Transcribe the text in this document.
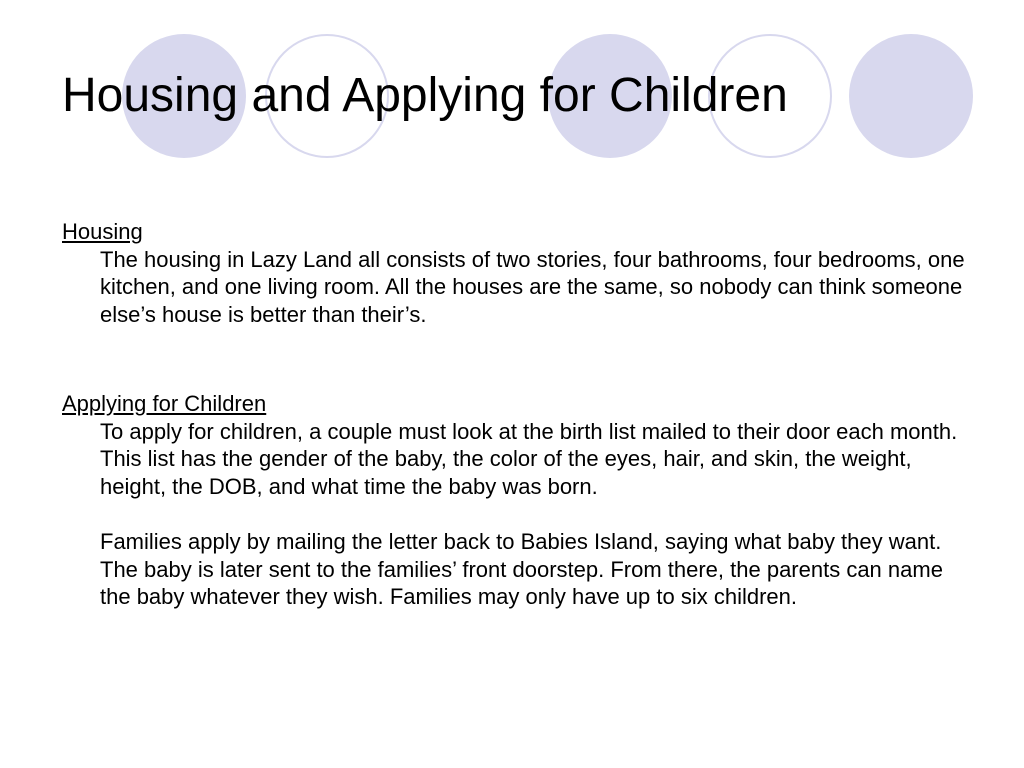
Housing and Applying for Children

Housing

The housing in Lazy Land all consists of two stories, four bathrooms, four bedrooms, one kitchen, and one living room. All the houses are the same, so nobody can think someone else’s house is better than their’s.

Applying for Children

To apply for children, a couple must look at the birth list mailed to their door each month. This list has the gender of the baby, the color of the eyes, hair, and skin, the weight, height, the DOB, and what time the baby was born.

Families apply by mailing the letter back to Babies Island, saying what baby they want. The baby is later sent to the families’ front doorstep. From there, the parents can name the baby whatever they wish. Families may only have up to six children.
